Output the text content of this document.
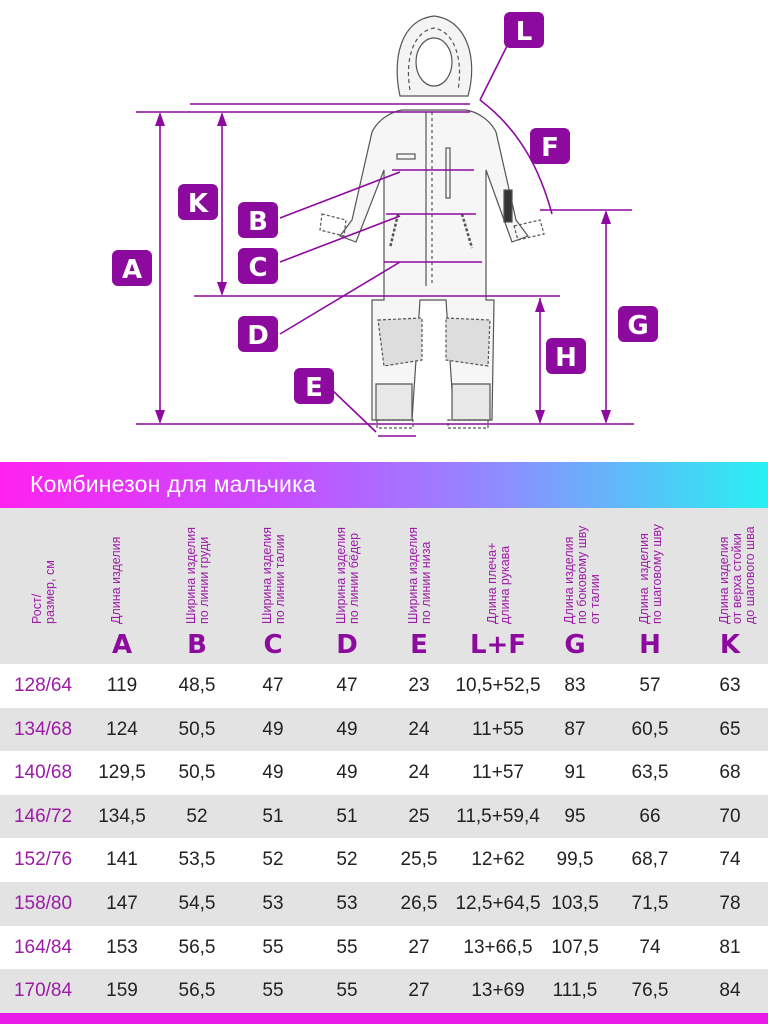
L
F
K
B
A	C
G
D
H
E
Комбинезон для мальчика
Рост/
размер, см	Длина изделия
A
Ширина изделия
по линии груди
B
Ширина изделия
по линии талии
C
Ширина изделия
по линии бёдер
D
Ширина изделия
по линии низа
E
Длина плеча+
длина рукава
L+F
Длина изделия
по боковому шву
от талии
G
Длина  изделия
по шаговому шву
H
Длина изделия
от верха стойки
до шагового шва
K
128/64	119	48,5	47	47	23	10,5+52,5	83	57	63
134/68	124	50,5	49	49	24	11+55	87	60,5	65
140/68	129,5	50,5	49	49	24	11+57	91	63,5	68
146/72	134,5	52	51	51	25	11,5+59,4	95	66	70
152/76	141	53,5	52	52	25,5	12+62	99,5	68,7	74
158/80	147	54,5	53	53	26,5 12,5+64,5 103,5	71,5	78
164/84	153	56,5	55	55	27	13+66,5 107,5	74	81
170/84	159	56,5	55	55	27	13+69	111,5	76,5	84
